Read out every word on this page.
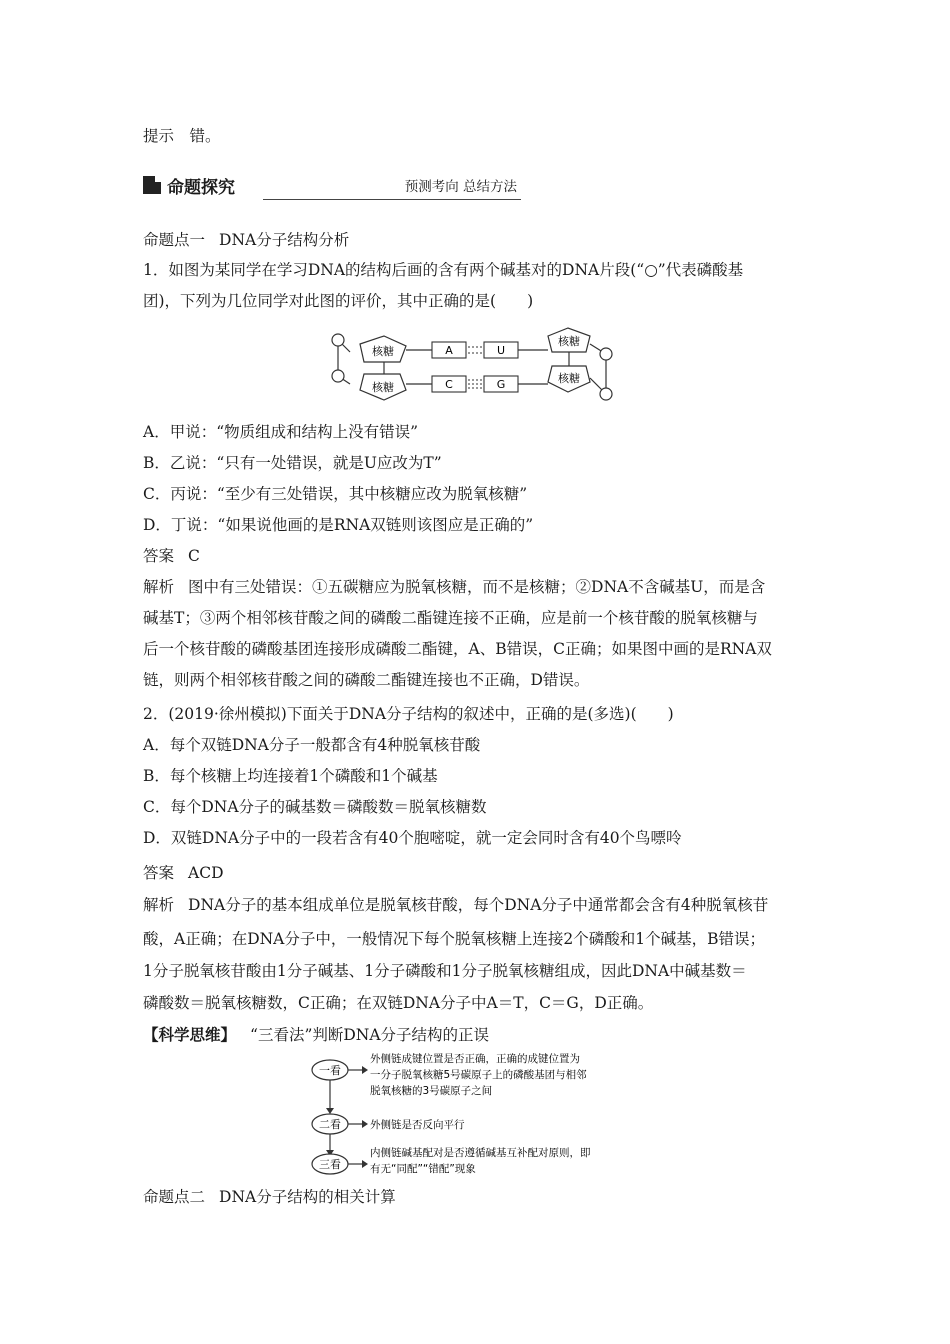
提示　错。
命题探究	预测考向 总结方法
命题点一 DNA分子结构分析
1．如图为某同学在学习DNA的结构后画的含有两个碱基对的DNA片段(“○”代表磷酸基
团)，下列为几位同学对此图的评价，其中正确的是(　　)
核糖
核糖
A
C
U
G
核糖
核糖
A．甲说：“物质组成和结构上没有错误”
B．乙说：“只有一处错误，就是U应改为T”
C．丙说：“至少有三处错误，其中核糖应改为脱氧核糖”
D．丁说：“如果说他画的是RNA双链则该图应是正确的”
答案 C
解析 图中有三处错误：①五碳糖应为脱氧核糖，而不是核糖；②DNA不含碱基U，而是含
碱基T；③两个相邻核苷酸之间的磷酸二酯键连接不正确，应是前一个核苷酸的脱氧核糖与
后一个核苷酸的磷酸基团连接形成磷酸二酯键，A、B错误，C正确；如果图中画的是RNA双
链，则两个相邻核苷酸之间的磷酸二酯键连接也不正确，D错误。
2．(2019·徐州模拟)下面关于DNA分子结构的叙述中，正确的是(多选)(　　)
A．每个双链DNA分子一般都含有4种脱氧核苷酸
B．每个核糖上均连接着1个磷酸和1个碱基
C．每个DNA分子的碱基数＝磷酸数＝脱氧核糖数
D．双链DNA分子中的一段若含有40个胞嘧啶，就一定会同时含有40个鸟嘌呤
答案 ACD
解析 DNA分子的基本组成单位是脱氧核苷酸，每个DNA分子中通常都会含有4种脱氧核苷
酸，A正确；在DNA分子中，一般情况下每个脱氧核糖上连接2个磷酸和1个碱基，B错误；
1分子脱氧核苷酸由1分子碱基、1分子磷酸和1分子脱氧核糖组成，因此DNA中碱基数＝
磷酸数＝脱氧核糖数，C正确；在双链DNA分子中A＝T，C＝G，D正确。
【科学思维】 “三看法”判断DNA分子结构的正误
一看
二看
三看
外侧链成键位置是否正确，正确的成键位置为
一分子脱氧核糖5号碳原子上的磷酸基团与相邻
脱氧核糖的3号碳原子之间
外侧链是否反向平行
内侧链碱基配对是否遵循碱基互补配对原则，即
有无“同配”“错配”现象
命题点二 DNA分子结构的相关计算
